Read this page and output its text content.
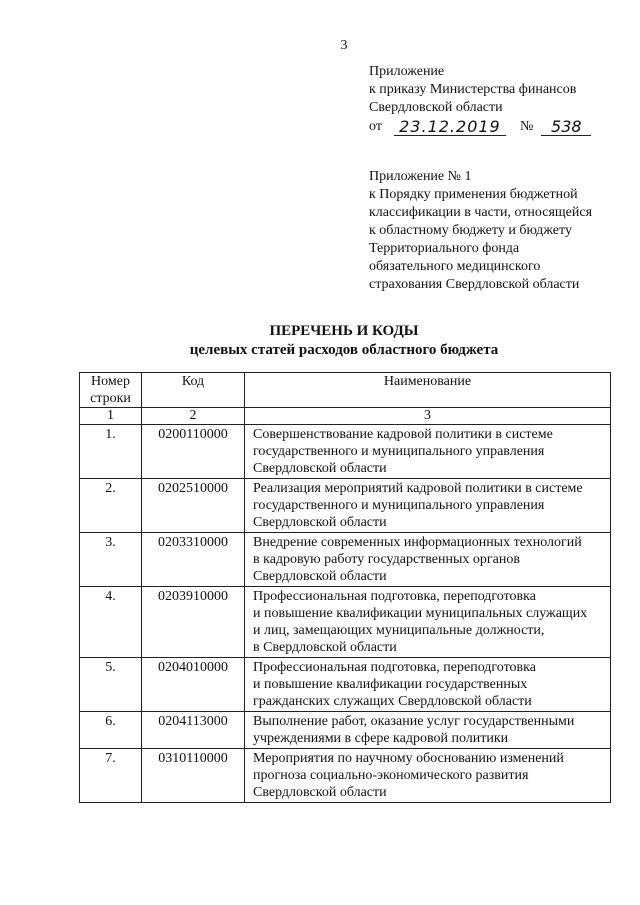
3
Приложение
к приказу Министерства финансов
Свердловской области
от	23.12.2019	№	538
Приложение № 1
к Порядку применения бюджетной
классификации в части, относящейся
к областному бюджету и бюджету
Территориального фонда
обязательного медицинского
страхования Свердловской области
ПЕРЕЧЕНЬ И КОДЫ
целевых статей расходов областного бюджета
Номер строки	Код	Наименование
1	2	3
1.	0200110000	Совершенствование кадровой политики в системе
государственного и муниципального управления
Свердловской области

2.	0202510000	Реализация мероприятий кадровой политики в системе
государственного и муниципального управления
Свердловской области

3.	0203310000	Внедрение современных информационных технологий
в кадровую работу государственных органов
Свердловской области

4.	0203910000	Профессиональная подготовка, переподготовка
и повышение квалификации муниципальных служащих
и лиц, замещающих муниципальные должности,
в Свердловской области

5.	0204010000	Профессиональная подготовка, переподготовка
и повышение квалификации государственных
гражданских служащих Свердловской области

6.	0204113000	Выполнение работ, оказание услуг государственными
учреждениями в сфере кадровой политики

7.	0310110000	Мероприятия по научному обоснованию изменений
прогноза социально-экономического развития
Свердловской области
